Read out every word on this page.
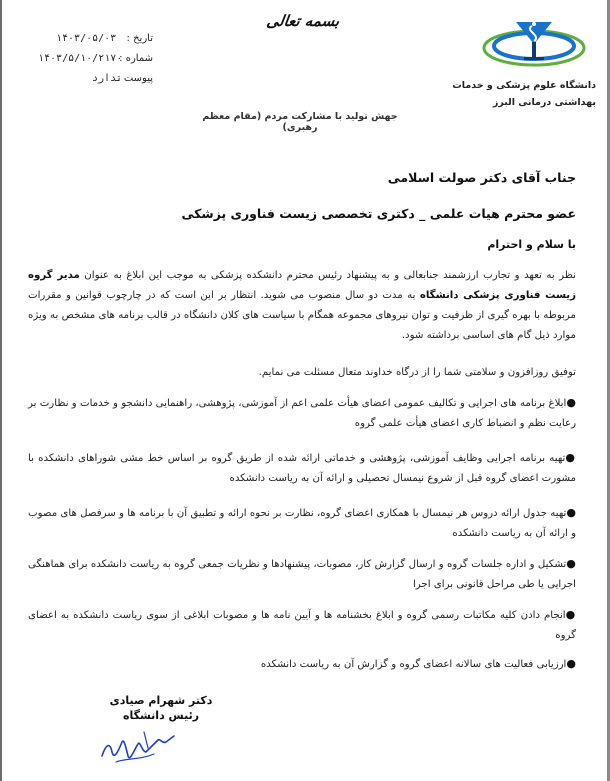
دانشگاه علوم پزشکی و خدمات
بهداشتی درمانی البرز
بسمه تعالی
تاریخ :
۱۴۰۳/۰۵/۰۳
شماره :
۱۴۰۳/۵/۱۰/۲۱۷۰
پیوست :
ندارد
جهش تولید با مشارکت مردم (مقام معظم رهبری)
جناب آقای دکتر صولت اسلامی
عضو محترم هیات علمی _ دکتری تخصصی زیست فناوری پزشکی
با سلام و احترام
نظر به تعهد و تجارب ارزشمند جنابعالی و به پیشنهاد رئیس محترم دانشکده پزشکی به موجب این ابلاغ به عنوان مدیر گروه زیست فناوری پزشکی دانشگاه به مدت دو سال منصوب می شوید. انتظار بر این است که در چارچوب قوانین و مقررات مربوطه با بهره گیری از ظرفیت و توان نیروهای مجموعه همگام با سیاست های کلان دانشگاه در قالب برنامه های مشخص به ویژه موارد ذیل گام های اساسی برداشته شود.
توفیق روزافزون و سلامتی شما را از درگاه خداوند متعال مسئلت می نمایم.
●ابلاغ برنامه های اجرایی و تکالیف عمومی اعضای هیأت علمی اعم از آموزشی، پژوهشی، راهنمایی دانشجو و خدمات و نظارت بر رعایت نظم و انضباط کاری اعضای هیأت علمی گروه
●تهیه برنامه اجرایی وظایف آموزشی، پژوهشی و خدماتی ارائه شده از طریق گروه بر اساس خط مشی شوراهای دانشکده با مشورت اعضای گروه قبل از شروع نیمسال تحصیلی و ارائه آن به ریاست دانشکده
●تهیه جدول ارائه دروس هر نیمسال با همکاری اعضای گروه، نظارت بر نحوه ارائه و تطبیق آن با برنامه ها و سرفصل های مصوب و ارائه آن به ریاست دانشکده
●تشکیل و اداره جلسات گروه و ارسال گزارش کار، مصوبات، پیشنهادها و نظریات جمعی گروه به ریاست دانشکده برای هماهنگی اجرایی یا طی مراحل قانونی برای اجرا
●انجام دادن کلیه مکاتبات رسمی گروه و ابلاغ بخشنامه ها و آیین نامه ها و مصوبات ابلاغی از سوی ریاست دانشکده به اعضای گروه
●ارزیابی فعالیت های سالانه اعضای گروه و گزارش آن به ریاست دانشکده
دکتر شهرام صیادی
رئیس دانشگاه
